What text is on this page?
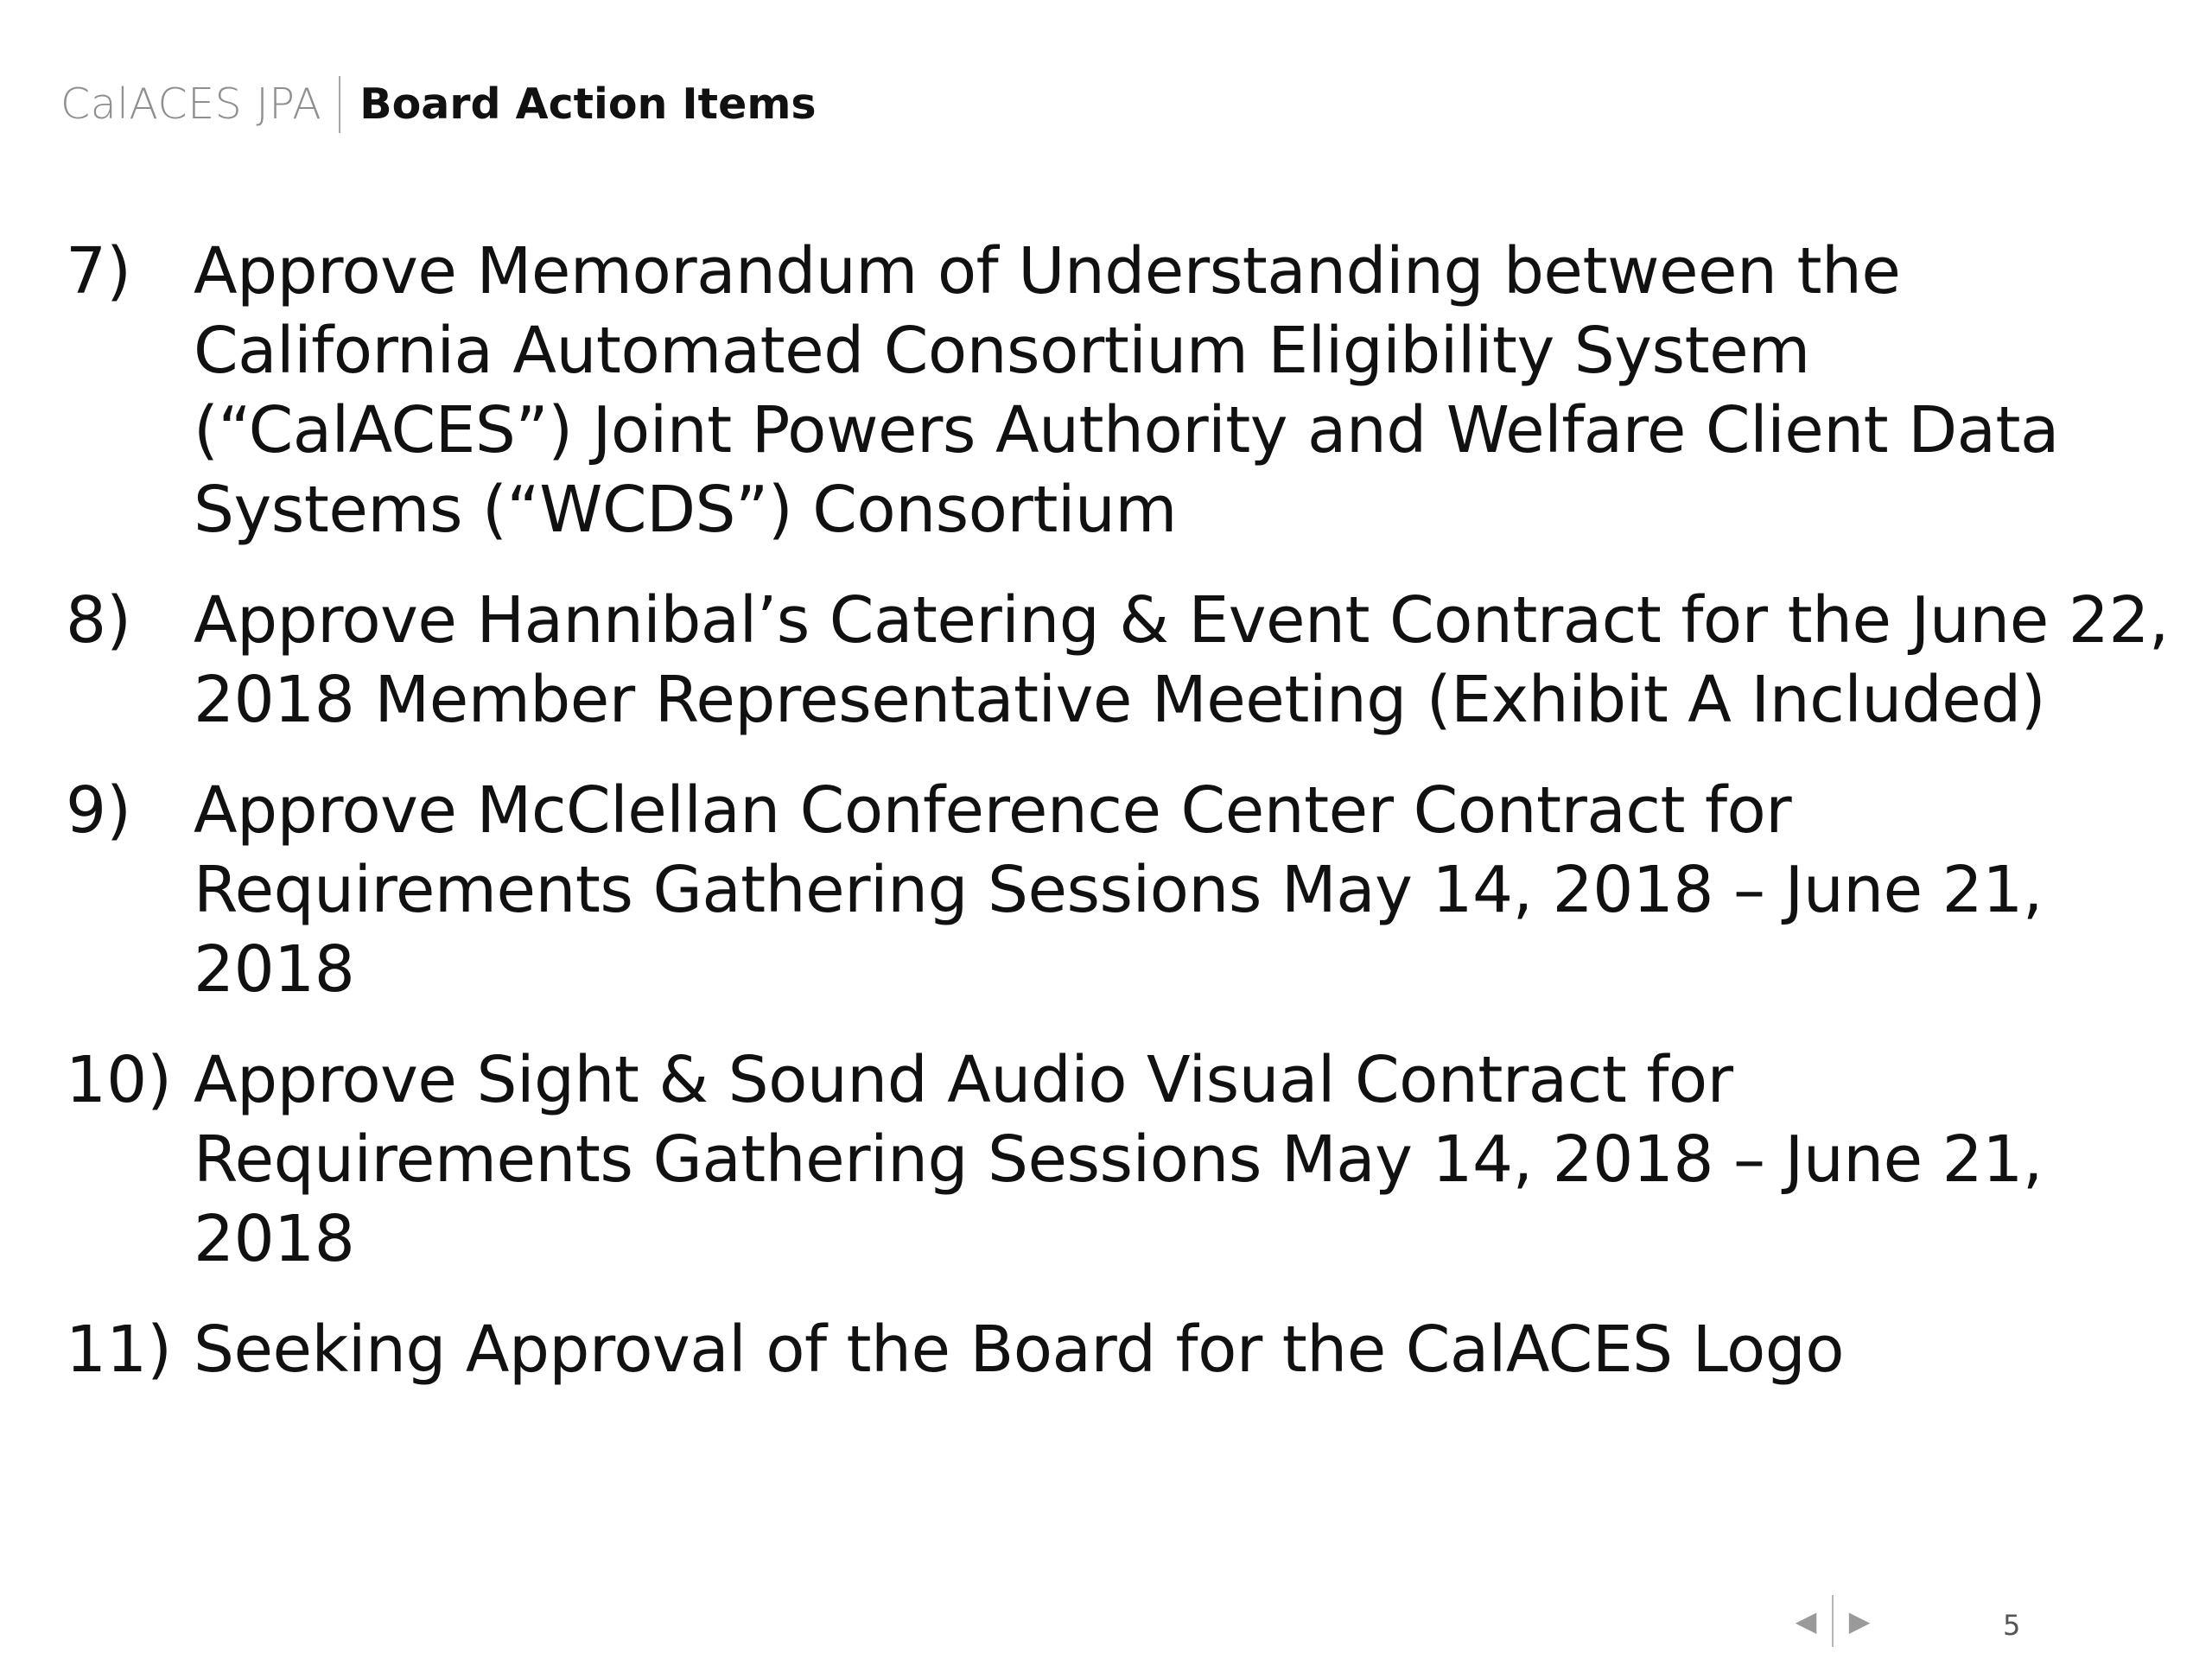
CalACES JPA Board Action Items
7) Approve Memorandum of Understanding between the California Automated Consortium Eligibility System (“CalACES”) Joint Powers Authority and Welfare Client Data Systems (“WCDS”) Consortium
8) Approve Hannibal’s Catering & Event Contract for the June 22, 2018 Member Representative Meeting (Exhibit A Included)
9) Approve McClellan Conference Center Contract for Requirements Gathering Sessions May 14, 2018 – June 21, 2018
10) Approve Sight & Sound Audio Visual Contract for Requirements Gathering Sessions May 14, 2018 – June 21, 2018
11) Seeking Approval of the Board for the CalACES Logo
◀ ▶	5
